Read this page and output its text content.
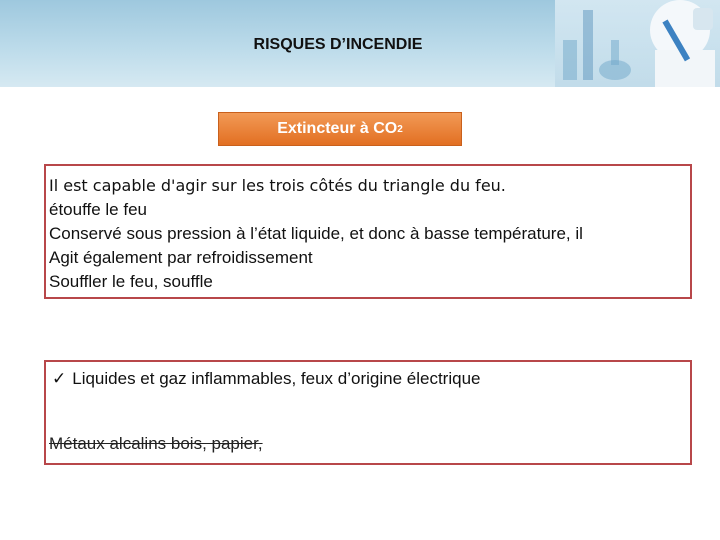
RISQUES D’INCENDIE
Extincteur à CO 2
Il est capable d'agir sur les trois côtés du triangle du feu.
étouffe le feu
Conservé sous pression à l’état liquide, et donc à basse température, il
Agit également par refroidissement
Souffler le feu, souffle
✓ Liquides et gaz inflammables, feux d’origine électrique
Métaux alcalins bois, papier,
